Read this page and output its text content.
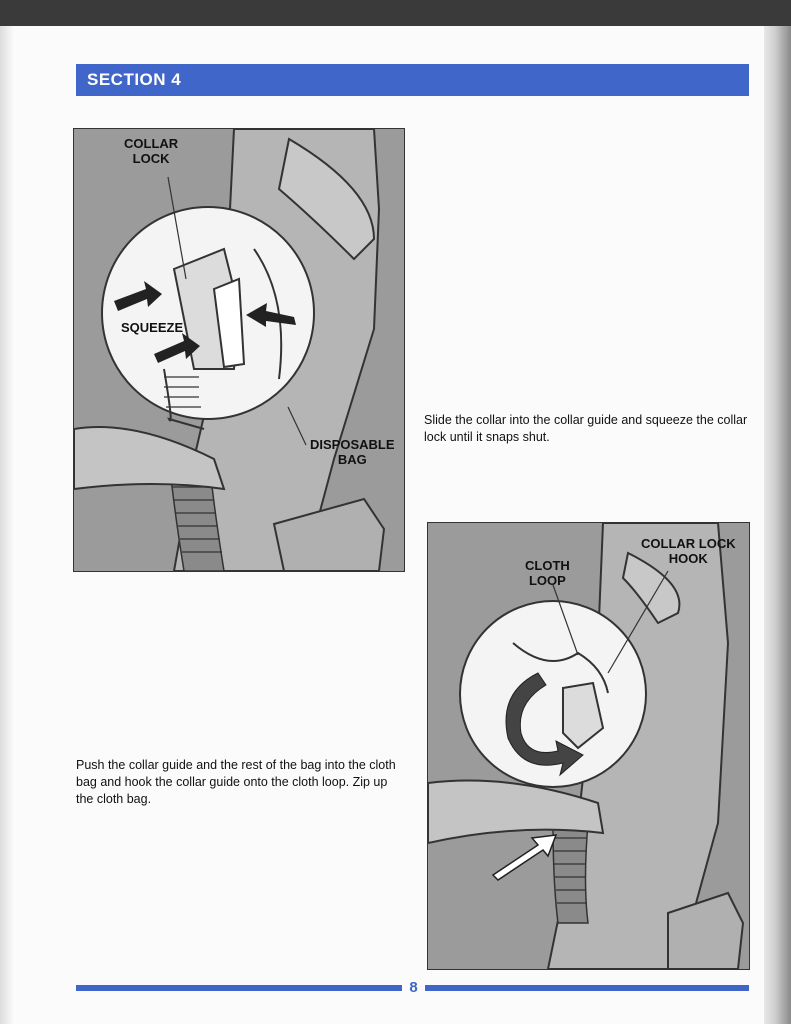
SECTION 4
COLLAR
LOCK
SQUEEZE
DISPOSABLE
BAG

Slide the collar into the collar guide and squeeze the collar lock until it snaps shut.

CLOTH
LOOP
COLLAR LOCK
HOOK

Push the collar guide and the rest of the bag into the cloth bag and hook the collar guide onto the cloth loop. Zip up the cloth bag.

8
